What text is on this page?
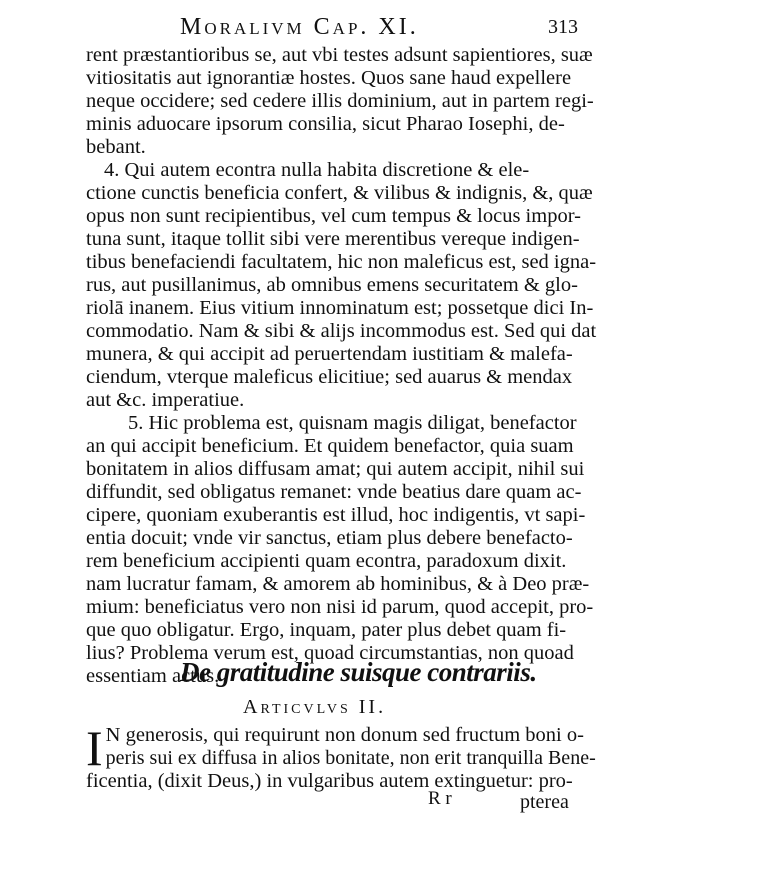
Moralivm Cap. XI.	313
rent præstantioribus se, aut vbi testes adsunt sapientiores, suæ
vitiositatis aut ignorantiæ hostes. Quos sane haud expellere
neque occidere; sed cedere illis dominium, aut in partem regi-
minis aduocare ipsorum consilia, sicut Pharao Iosephi, de-
bebant.
4. Qui autem econtra nulla habita discretione & ele-
ctione cunctis beneficia confert, & vilibus & indignis, &, quæ
opus non sunt recipientibus, vel cum tempus & locus impor-
tuna sunt, itaque tollit sibi vere merentibus vereque indigen-
tibus benefaciendi facultatem, hic non maleficus est, sed igna-
rus, aut pusillanimus, ab omnibus emens securitatem & glo-
riolā inanem. Eius vitium innominatum est; possetque dici In-
commodatio. Nam & sibi & alijs incommodus est. Sed qui dat
munera, & qui accipit ad peruertendam iustitiam & malefa-
ciendum, vterque maleficus elicitiue; sed auarus & mendax
aut &c. imperatiue.
5. Hic problema est, quisnam magis diligat, benefactor
an qui accipit beneficium. Et quidem benefactor, quia suam
bonitatem in alios diffusam amat; qui autem accipit, nihil sui
diffundit, sed obligatus remanet: vnde beatius dare quam ac-
cipere, quoniam exuberantis est illud, hoc indigentis, vt sapi-
entia docuit; vnde vir sanctus, etiam plus debere benefacto-
rem beneficium accipienti quam econtra, paradoxum dixit.
nam lucratur famam, & amorem ab hominibus, & à Deo præ-
mium: beneficiatus vero non nisi id parum, quod accepit, pro-
que quo obligatur. Ergo, inquam, pater plus debet quam fi-
lius? Problema verum est, quoad circumstantias, non quoad
essentiam actus.
De gratitudine suisque contrariis.
Articvlvs II.
I N generosis, qui requirunt non donum sed fructum boni o-
peris sui ex diffusa in alios bonitate, non erit tranquilla Bene-
ficentia, (dixit Deus,) in vulgaribus autem extinguetur: pro-
R r	pterea
